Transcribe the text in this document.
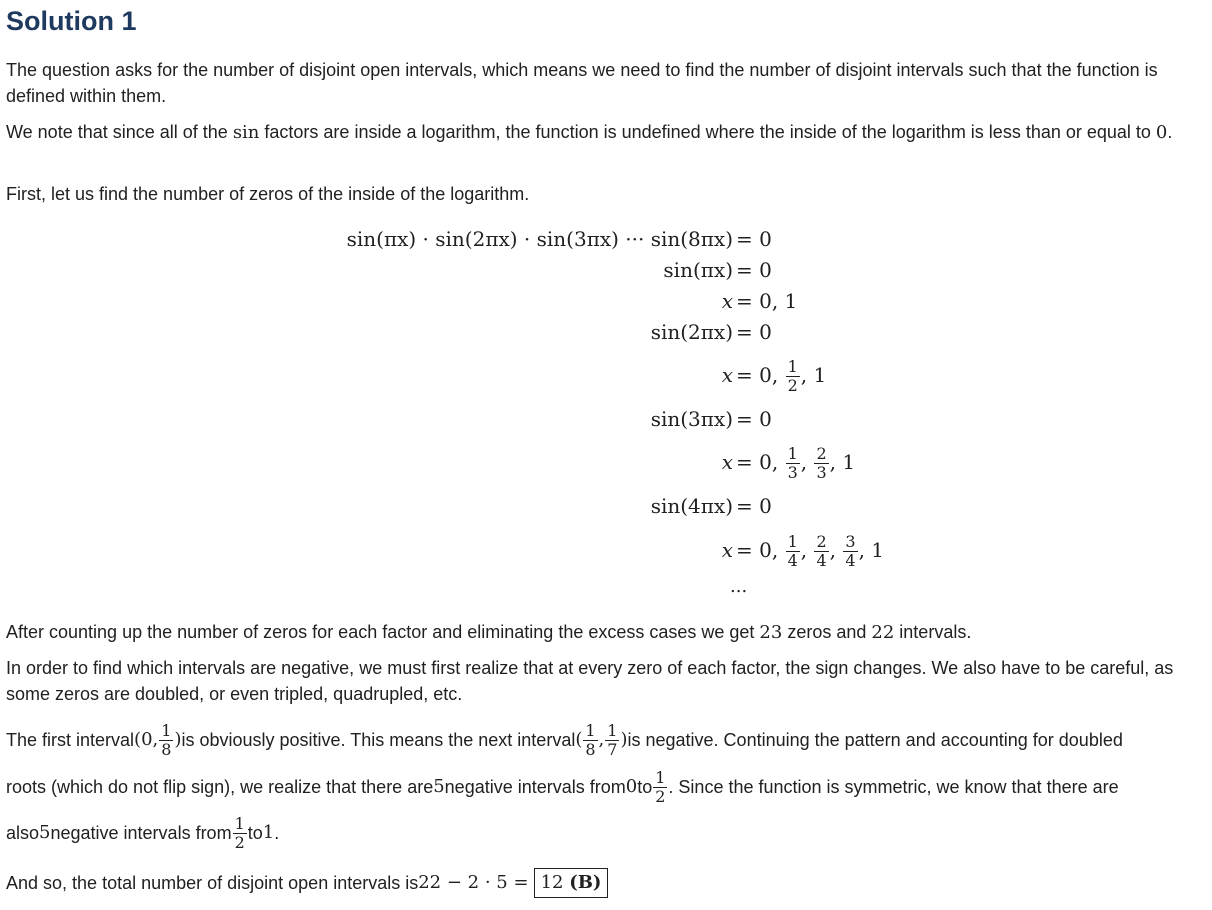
Solution 1

The question asks for the number of disjoint open intervals, which means we need to find the number of disjoint intervals such that the function is defined within them.

We note that since all of the sin factors are inside a logarithm, the function is undefined where the inside of the logarithm is less than or equal to 0.

First, let us find the number of zeros of the inside of the logarithm.

sin(πx) · sin(2πx) · sin(3πx) ··· sin(8πx) = 0
sin(πx) = 0
x = 0, 1
sin(2πx) = 0
x = 0, $\frac{1}{2}$ , 1
sin(3πx) = 0
x = 0, $\frac{1}{3}$ , $\frac{2}{3}$ , 1
sin(4πx) = 0
x = 0, $\frac{1}{4}$ , $\frac{2}{4}$ , $\frac{3}{4}$ , 1
...

After counting up the number of zeros for each factor and eliminating the excess cases we get 23 zeros and 22 intervals.

In order to find which intervals are negative, we must first realize that at every zero of each factor, the sign changes. We also have to be careful, as some zeros are doubled, or even tripled, quadrupled, etc.

The first interval (0, $\frac{1}{8}$ ) is obviously positive. This means the next interval ( $\frac{1}{8}$ , $\frac{1}{7}$ ) is negative. Continuing the pattern and accounting for doubled
roots (which do not flip sign), we realize that there are 5 negative intervals from 0 to $\frac{1}{2}$ . Since the function is symmetric, we know that there are
also 5 negative intervals from $\frac{1}{2}$ to 1 .
And so, the total number of disjoint open intervals is 22 − 2 · 5 =
12 (B)
